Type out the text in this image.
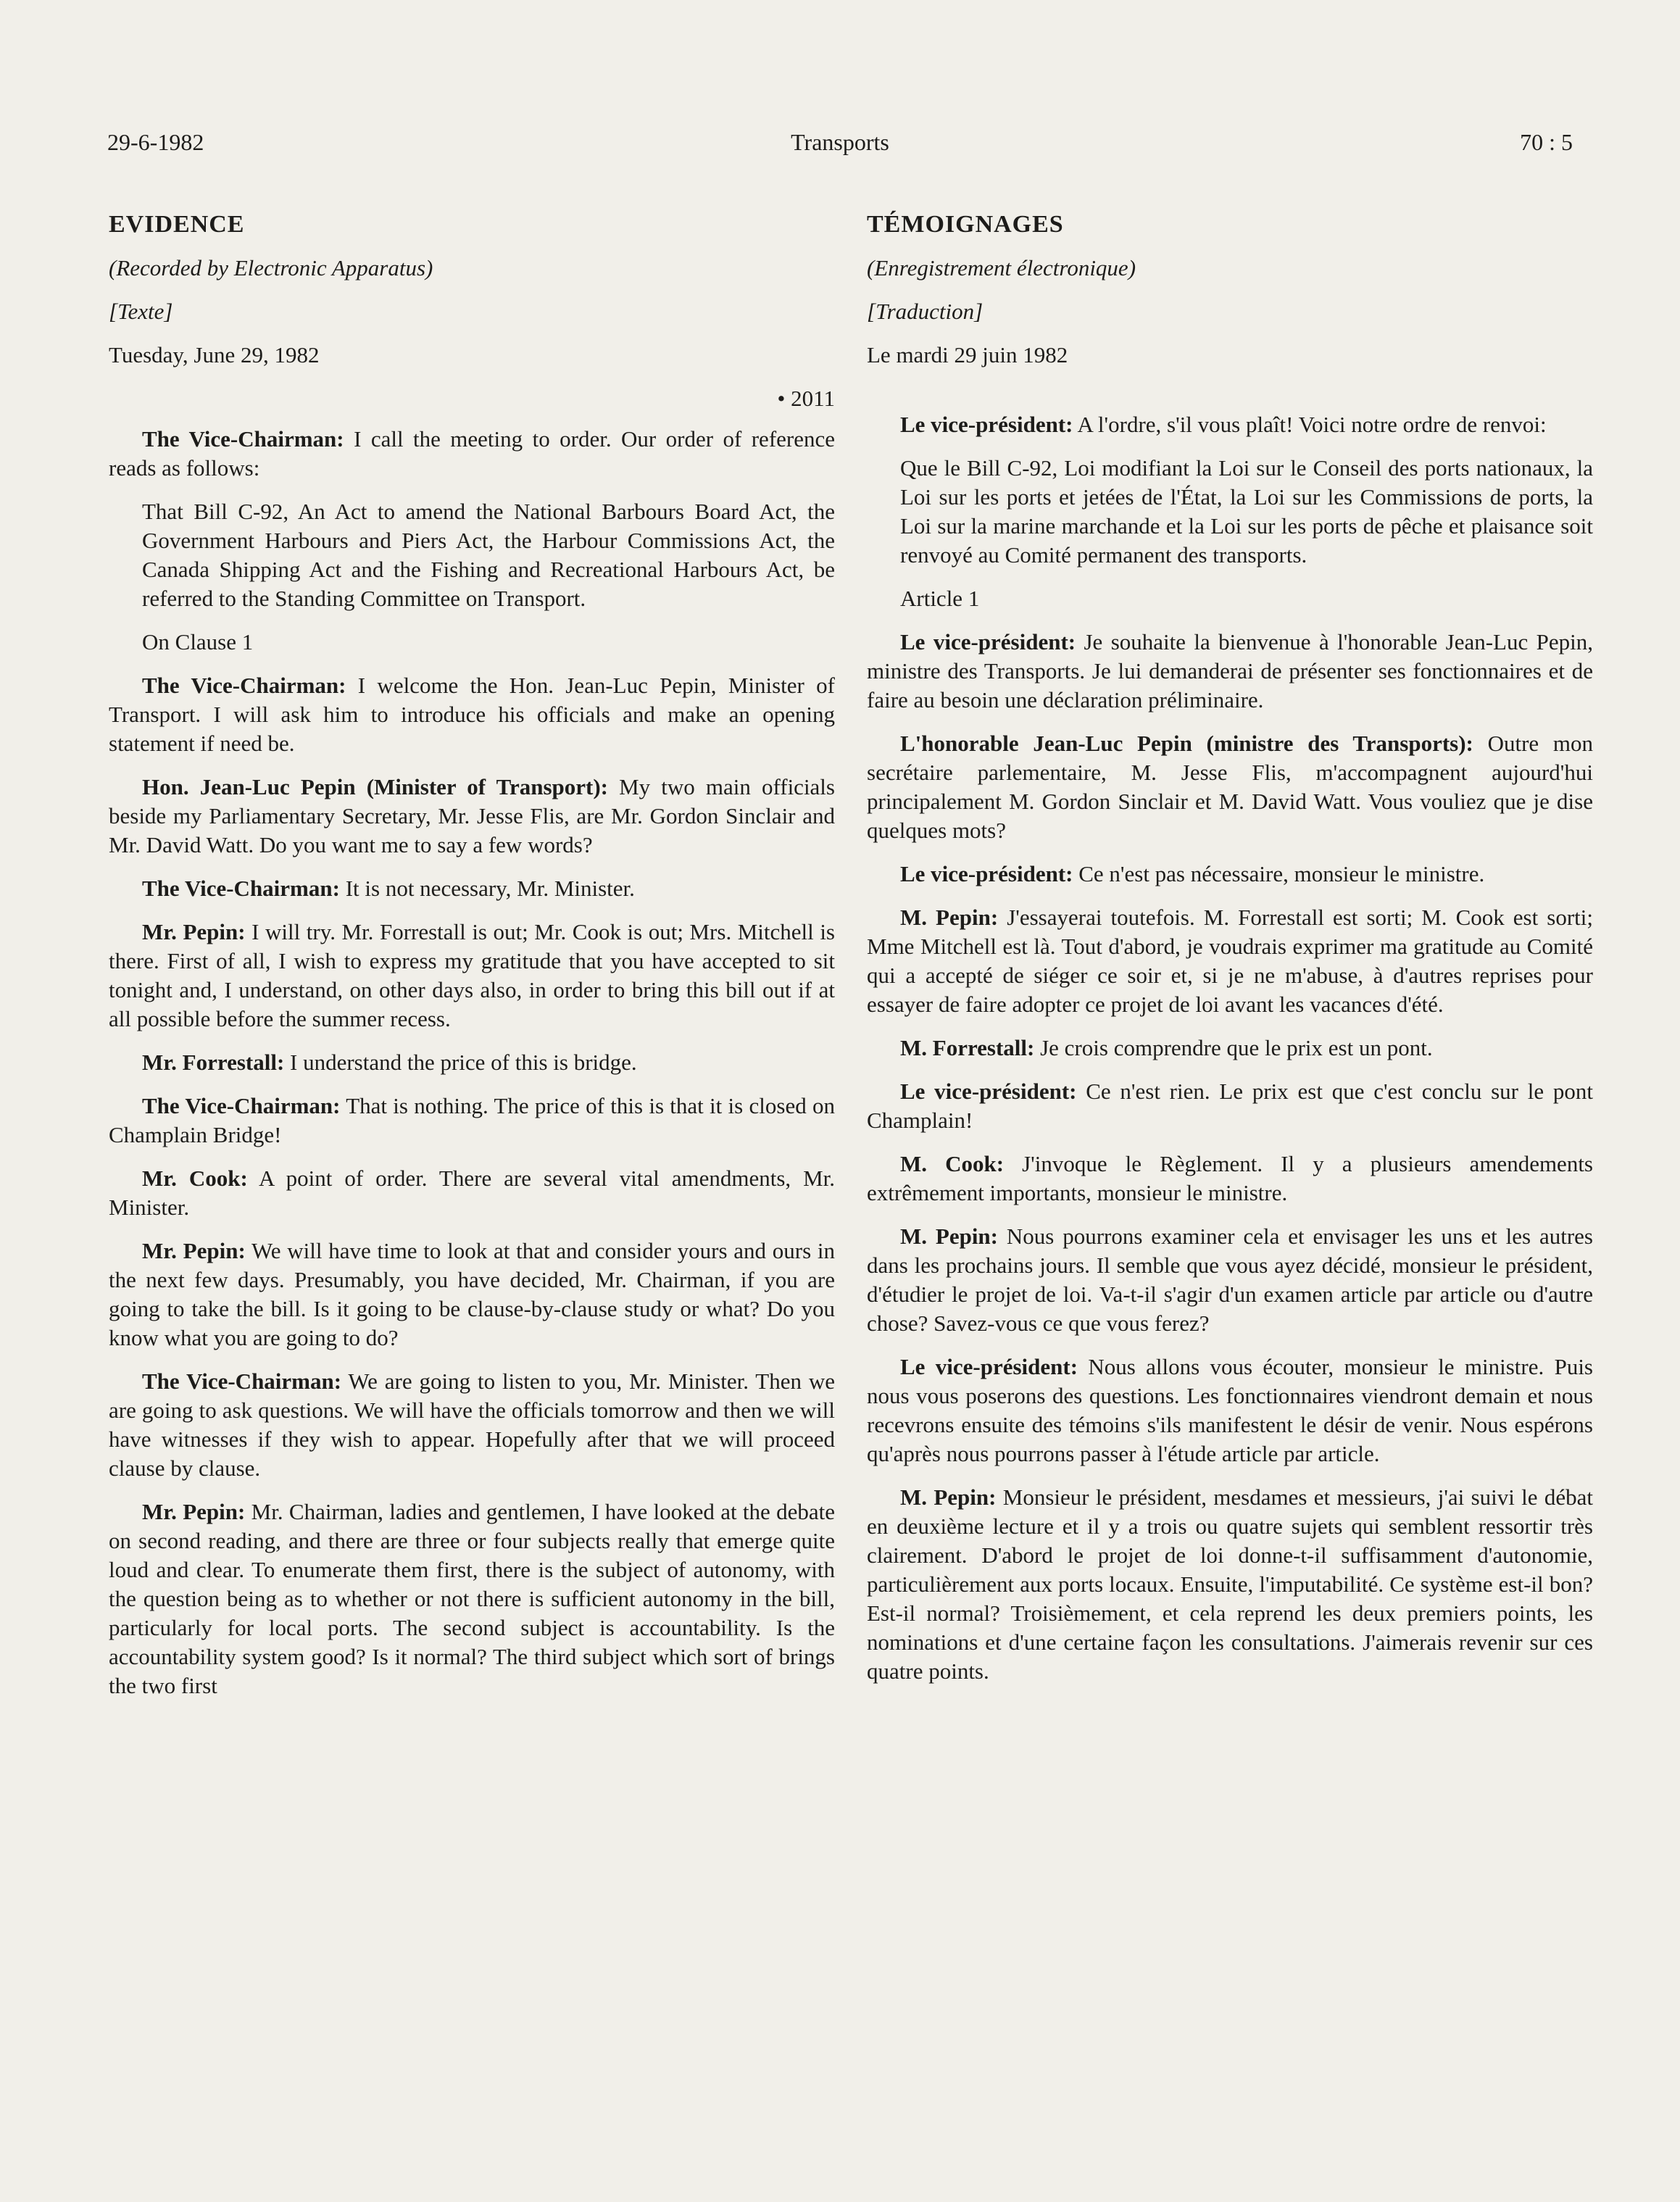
29-6-1982	Transports	70 : 5
EVIDENCE
(Recorded by Electronic Apparatus)
[Texte]
Tuesday, June 29, 1982
• 2011

The Vice-Chairman: I call the meeting to order. Our order of reference reads as follows:

That Bill C-92, An Act to amend the National Barbours Board Act, the Government Harbours and Piers Act, the Harbour Commissions Act, the Canada Shipping Act and the Fishing and Recreational Harbours Act, be referred to the Standing Committee on Transport.

On Clause 1

The Vice-Chairman: I welcome the Hon. Jean-Luc Pepin, Minister of Transport. I will ask him to introduce his officials and make an opening statement if need be.

Hon. Jean-Luc Pepin (Minister of Transport): My two main officials beside my Parliamentary Secretary, Mr. Jesse Flis, are Mr. Gordon Sinclair and Mr. David Watt. Do you want me to say a few words?

The Vice-Chairman: It is not necessary, Mr. Minister.

Mr. Pepin: I will try. Mr. Forrestall is out; Mr. Cook is out; Mrs. Mitchell is there. First of all, I wish to express my gratitude that you have accepted to sit tonight and, I understand, on other days also, in order to bring this bill out if at all possible before the summer recess.

Mr. Forrestall: I understand the price of this is bridge.

The Vice-Chairman: That is nothing. The price of this is that it is closed on Champlain Bridge!

Mr. Cook: A point of order. There are several vital amendments, Mr. Minister.

Mr. Pepin: We will have time to look at that and consider yours and ours in the next few days. Presumably, you have decided, Mr. Chairman, if you are going to take the bill. Is it going to be clause-by-clause study or what? Do you know what you are going to do?

The Vice-Chairman: We are going to listen to you, Mr. Minister. Then we are going to ask questions. We will have the officials tomorrow and then we will have witnesses if they wish to appear. Hopefully after that we will proceed clause by clause.

Mr. Pepin: Mr. Chairman, ladies and gentlemen, I have looked at the debate on second reading, and there are three or four subjects really that emerge quite loud and clear. To enumerate them first, there is the subject of autonomy, with the question being as to whether or not there is sufficient autonomy in the bill, particularly for local ports. The second subject is accountability. Is the accountability system good? Is it normal? The third subject which sort of brings the two first

TÉMOIGNAGES
(Enregistrement électronique)
[Traduction]
Le mardi 29 juin 1982

Le vice-président: A l'ordre, s'il vous plaît! Voici notre ordre de renvoi:

Que le Bill C-92, Loi modifiant la Loi sur le Conseil des ports nationaux, la Loi sur les ports et jetées de l'État, la Loi sur les Commissions de ports, la Loi sur la marine marchande et la Loi sur les ports de pêche et plaisance soit renvoyé au Comité permanent des transports.

Article 1

Le vice-président: Je souhaite la bienvenue à l'honorable Jean-Luc Pepin, ministre des Transports. Je lui demanderai de présenter ses fonctionnaires et de faire au besoin une déclaration préliminaire.

L'honorable Jean-Luc Pepin (ministre des Transports): Outre mon secrétaire parlementaire, M. Jesse Flis, m'accompagnent aujourd'hui principalement M. Gordon Sinclair et M. David Watt. Vous vouliez que je dise quelques mots?

Le vice-président: Ce n'est pas nécessaire, monsieur le ministre.

M. Pepin: J'essayerai toutefois. M. Forrestall est sorti; M. Cook est sorti; Mme Mitchell est là. Tout d'abord, je voudrais exprimer ma gratitude au Comité qui a accepté de siéger ce soir et, si je ne m'abuse, à d'autres reprises pour essayer de faire adopter ce projet de loi avant les vacances d'été.

M. Forrestall: Je crois comprendre que le prix est un pont.

Le vice-président: Ce n'est rien. Le prix est que c'est conclu sur le pont Champlain!

M. Cook: J'invoque le Règlement. Il y a plusieurs amendements extrêmement importants, monsieur le ministre.

M. Pepin: Nous pourrons examiner cela et envisager les uns et les autres dans les prochains jours. Il semble que vous ayez décidé, monsieur le président, d'étudier le projet de loi. Va-t-il s'agir d'un examen article par article ou d'autre chose? Savez-vous ce que vous ferez?

Le vice-président: Nous allons vous écouter, monsieur le ministre. Puis nous vous poserons des questions. Les fonctionnaires viendront demain et nous recevrons ensuite des témoins s'ils manifestent le désir de venir. Nous espérons qu'après nous pourrons passer à l'étude article par article.

M. Pepin: Monsieur le président, mesdames et messieurs, j'ai suivi le débat en deuxième lecture et il y a trois ou quatre sujets qui semblent ressortir très clairement. D'abord le projet de loi donne-t-il suffisamment d'autonomie, particulièrement aux ports locaux. Ensuite, l'imputabilité. Ce système est-il bon? Est-il normal? Troisièmement, et cela reprend les deux premiers points, les nominations et d'une certaine façon les consultations. J'aimerais revenir sur ces quatre points.
